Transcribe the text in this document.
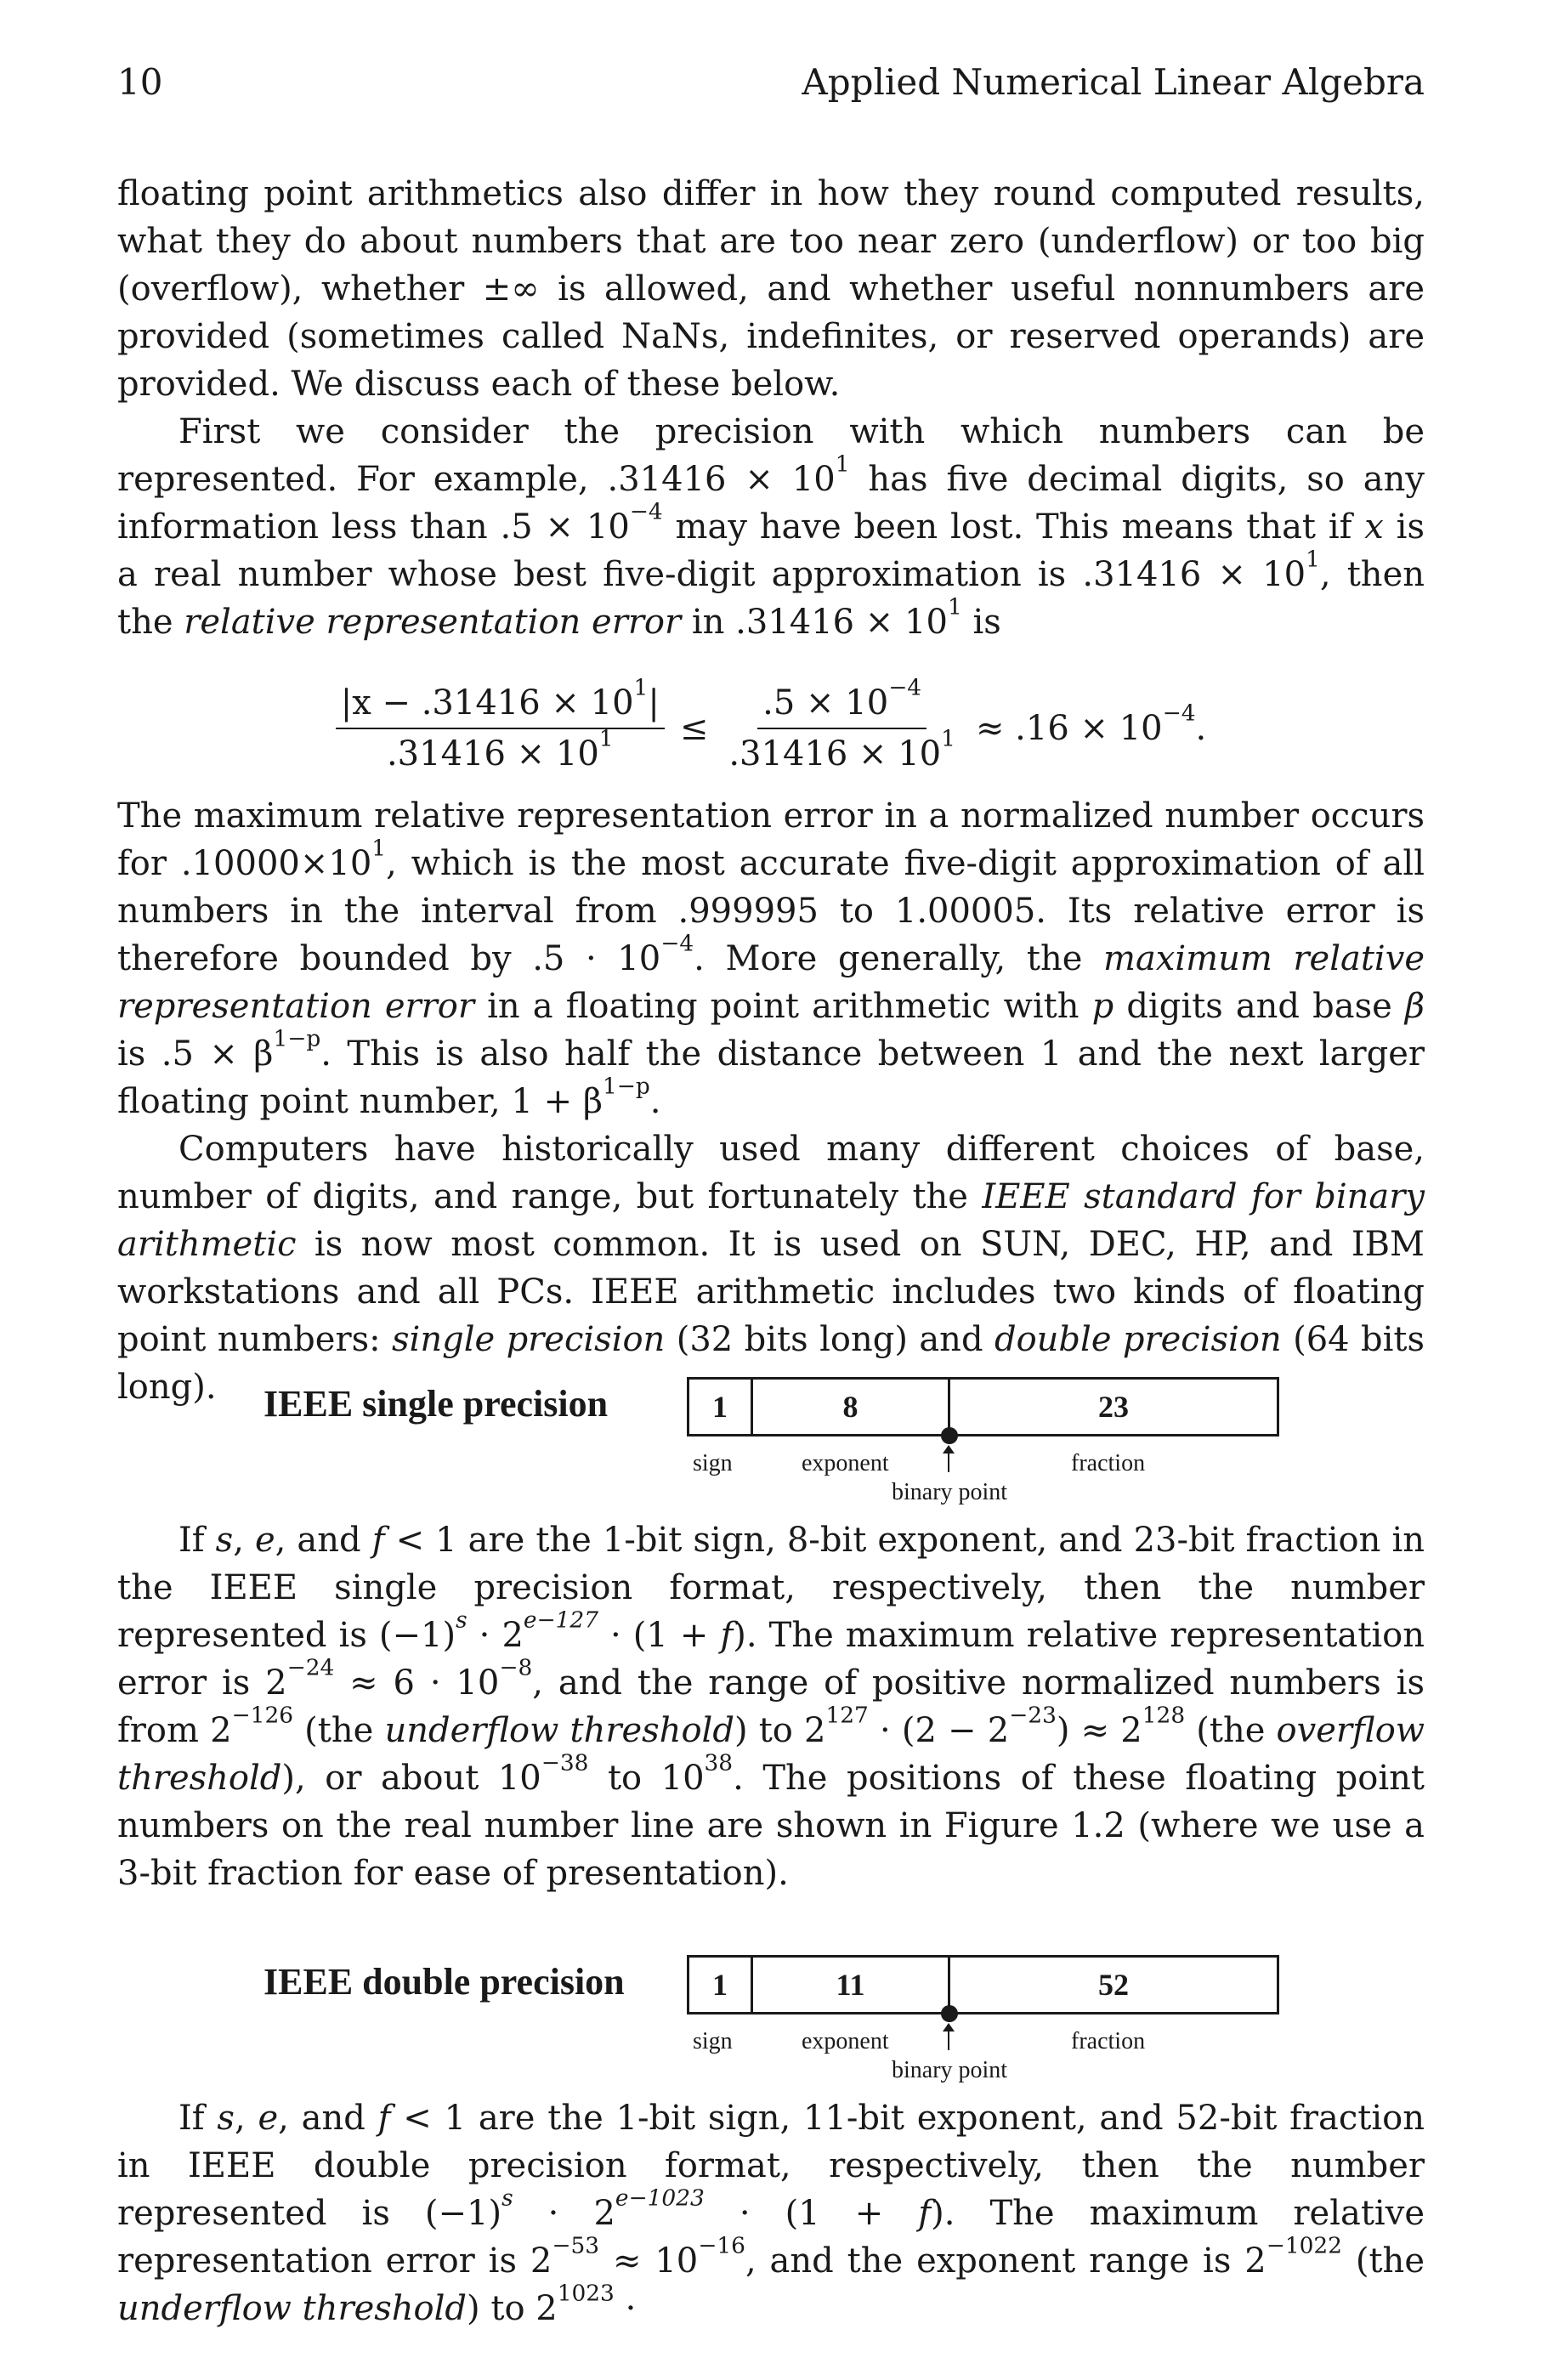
10	Applied Numerical Linear Algebra

floating point arithmetics also differ in how they round computed results, what they do about numbers that are too near zero (underflow) or too big (overflow), whether ±∞ is allowed, and whether useful nonnumbers are provided (sometimes called NaNs, indefinites, or reserved operands) are provided. We discuss each of these below.

First we consider the precision with which numbers can be represented. For example, $.31416 \times 10^1$ has five decimal digits, so any information less than $.5 \times 10^{-4}$ may have been lost. This means that if x is a real number whose best five-digit approximation is $.31416 \times 10^1$, then the relative representation error in $.31416 \times 10^1$ is

$\frac{|x - .31416 \times 10^1|}{.31416 \times 10^1} \le \frac{.5 \times 10^{-4}}{.31416 \times 10^1} \approx .16 \times 10^{-4}$.

The maximum relative representation error in a normalized number occurs for $.10000\times 10^1$, which is the most accurate five-digit approximation of all numbers in the interval from .999995 to 1.00005. Its relative error is therefore bounded by $.5 \cdot 10^{-4}$. More generally, the maximum relative representation error in a floating point arithmetic with p digits and base β is $.5 \times \beta^{1-p}$. This is also half the distance between 1 and the next larger floating point number, $1 + \beta^{1-p}$.

Computers have historically used many different choices of base, number of digits, and range, but fortunately the IEEE standard for binary arithmetic is now most common. It is used on SUN, DEC, HP, and IBM workstations and all PCs. IEEE arithmetic includes two kinds of floating point numbers: single precision (32 bits long) and double precision (64 bits long).	IEEE single precision	1	8	23
sign	exponent	fraction
binary point

If s, e, and f < 1 are the 1-bit sign, 8-bit exponent, and 23-bit fraction in the IEEE single precision format, respectively, then the number represented is $(-1)^s \cdot 2^{e-127} \cdot (1 + f)$. The maximum relative representation error is $2^{-24} \approx 6 \cdot 10^{-8}$, and the range of positive normalized numbers is from $2^{-126}$ (the underflow threshold) to $2^{127} \cdot (2 - 2^{-23}) \approx 2^{128}$ (the overflow threshold), or about $10^{-38}$ to $10^{38}$. The positions of these floating point numbers on the real number line are shown in Figure 1.2 (where we use a 3-bit fraction for ease of presentation).

IEEE double precision	1	11	52
sign	exponent	fraction
binary point

If s, e, and f < 1 are the 1-bit sign, 11-bit exponent, and 52-bit fraction in IEEE double precision format, respectively, then the number represented is $(-1)^s \cdot 2^{e-1023} \cdot (1 + f)$. The maximum relative representation error is $2^{-53} \approx 10^{-16}$, and the exponent range is $2^{-1022}$ (the underflow threshold) to $2^{1023}$ ·
